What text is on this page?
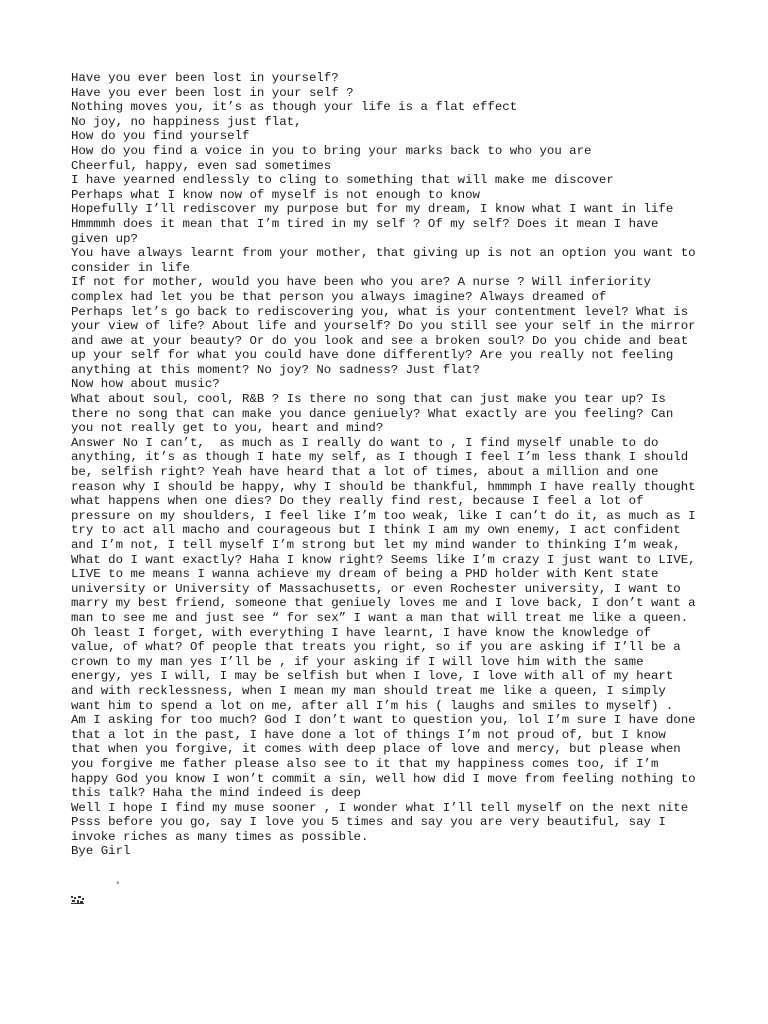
Have you ever been lost in yourself?
Have you ever been lost in your self ?
Nothing moves you, it’s as though your life is a flat effect
No joy, no happiness just flat,
How do you find yourself
How do you find a voice in you to bring your marks back to who you are
Cheerful, happy, even sad sometimes
I have yearned endlessly to cling to something that will make me discover
Perhaps what I know now of myself is not enough to know
Hopefully I’ll rediscover my purpose but for my dream, I know what I want in life
Hmmmmh does it mean that I’m tired in my self ? Of my self? Does it mean I have given up?
You have always learnt from your mother, that giving up is not an option you want to consider in life
If not for mother, would you have been who you are? A nurse ? Will inferiority complex had let you be that person you always imagine? Always dreamed of
Perhaps let’s go back to rediscovering you, what is your contentment level? What is your view of life? About life and yourself? Do you still see your self in the mirror and awe at your beauty? Or do you look and see a broken soul? Do you chide and beat up your self for what you could have done differently? Are you really not feeling anything at this moment? No joy? No sadness? Just flat?
Now how about music?
What about soul, cool, R&B ? Is there no song that can just make you tear up? Is there no song that can make you dance geniuely? What exactly are you feeling? Can you not really get to you, heart and mind?
Answer No I can’t,  as much as I really do want to , I find myself unable to do anything, it’s as though I hate my self, as I though I feel I’m less thank I should be, selfish right? Yeah have heard that a lot of times, about a million and one reason why I should be happy, why I should be thankful, hmmmph I have really thought what happens when one dies? Do they really find rest, because I feel a lot of pressure on my shoulders, I feel like I’m too weak, like I can’t do it, as much as I try to act all macho and courageous but I think I am my own enemy, I act confident and I’m not, I tell myself I’m strong but let my mind wander to thinking I’m weak, What do I want exactly? Haha I know right? Seems like I’m crazy I just want to LIVE, LIVE to me means I wanna achieve my dream of being a PHD holder with Kent state university or University of Massachusetts, or even Rochester university, I want to marry my best friend, someone that geniuely loves me and I love back, I don’t want a man to see me and just see “ for sex” I want a man that will treat me like a queen. Oh least I forget, with everything I have learnt, I have know the knowledge of value, of what? Of people that treats you right, so if you are asking if I’ll be a crown to my man yes I’ll be , if your asking if I will love him with the same energy, yes I will, I may be selfish but when I love, I love with all of my heart and with recklessness, when I mean my man should treat me like a queen, I simply want him to spend a lot on me, after all I’m his ( laughs and smiles to myself) .
Am I asking for too much? God I don’t want to question you, lol I’m sure I have done that a lot in the past, I have done a lot of things I’m not proud of, but I know that when you forgive, it comes with deep place of love and mercy, but please when you forgive me father please also see to it that my happiness comes too, if I’m happy God you know I won’t commit a sin, well how did I move from feeling nothing to this talk? Haha the mind indeed is deep
Well I hope I find my muse sooner , I wonder what I’ll tell myself on the next nite
Psss before you go, say I love you 5 times and say you are very beautiful, say I invoke riches as many times as possible.
Bye Girl
°
